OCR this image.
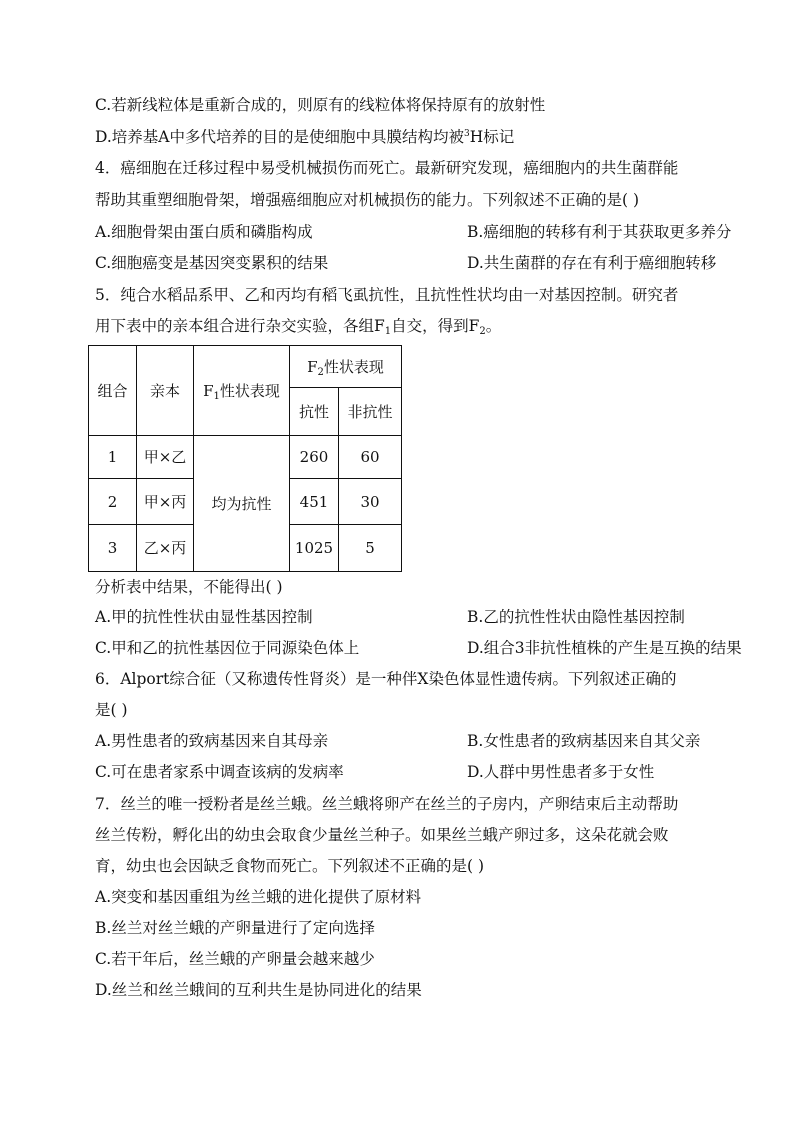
C.若新线粒体是重新合成的，则原有的线粒体将保持原有的放射性
D.培养基A中多代培养的目的是使细胞中具膜结构均被$^3$H标记
4．癌细胞在迁移过程中易受机械损伤而死亡。最新研究发现，癌细胞内的共生菌群能
帮助其重塑细胞骨架，增强癌细胞应对机械损伤的能力。下列叙述不正确的是( )
A.细胞骨架由蛋白质和磷脂构成	B.癌细胞的转移有利于其获取更多养分
C.细胞癌变是基因突变累积的结果	D.共生菌群的存在有利于癌细胞转移
5．纯合水稻品系甲、乙和丙均有稻飞虱抗性，且抗性性状均由一对基因控制。研究者
用下表中的亲本组合进行杂交实验，各组$F_1$自交，得到$F_2$。
组合	亲本	$F_1$性状表现	$F_2$性状表现	
			抗性	非抗性
1	甲×乙	均为抗性	260	60
2	甲×丙		451	30
3	乙×丙		1025	5
分析表中结果，不能得出( )
A.甲的抗性性状由显性基因控制	B.乙的抗性性状由隐性基因控制
C.甲和乙的抗性基因位于同源染色体上	D.组合3非抗性植株的产生是互换的结果
6．Alport综合征（又称遗传性肾炎）是一种伴X染色体显性遗传病。下列叙述正确的
是( )
A.男性患者的致病基因来自其母亲	B.女性患者的致病基因来自其父亲
C.可在患者家系中调查该病的发病率	D.人群中男性患者多于女性
7．丝兰的唯一授粉者是丝兰蛾。丝兰蛾将卵产在丝兰的子房内，产卵结束后主动帮助
丝兰传粉，孵化出的幼虫会取食少量丝兰种子。如果丝兰蛾产卵过多，这朵花就会败
育，幼虫也会因缺乏食物而死亡。下列叙述不正确的是( )
A.突变和基因重组为丝兰蛾的进化提供了原材料
B.丝兰对丝兰蛾的产卵量进行了定向选择
C.若干年后，丝兰蛾的产卵量会越来越少
D.丝兰和丝兰蛾间的互利共生是协同进化的结果
